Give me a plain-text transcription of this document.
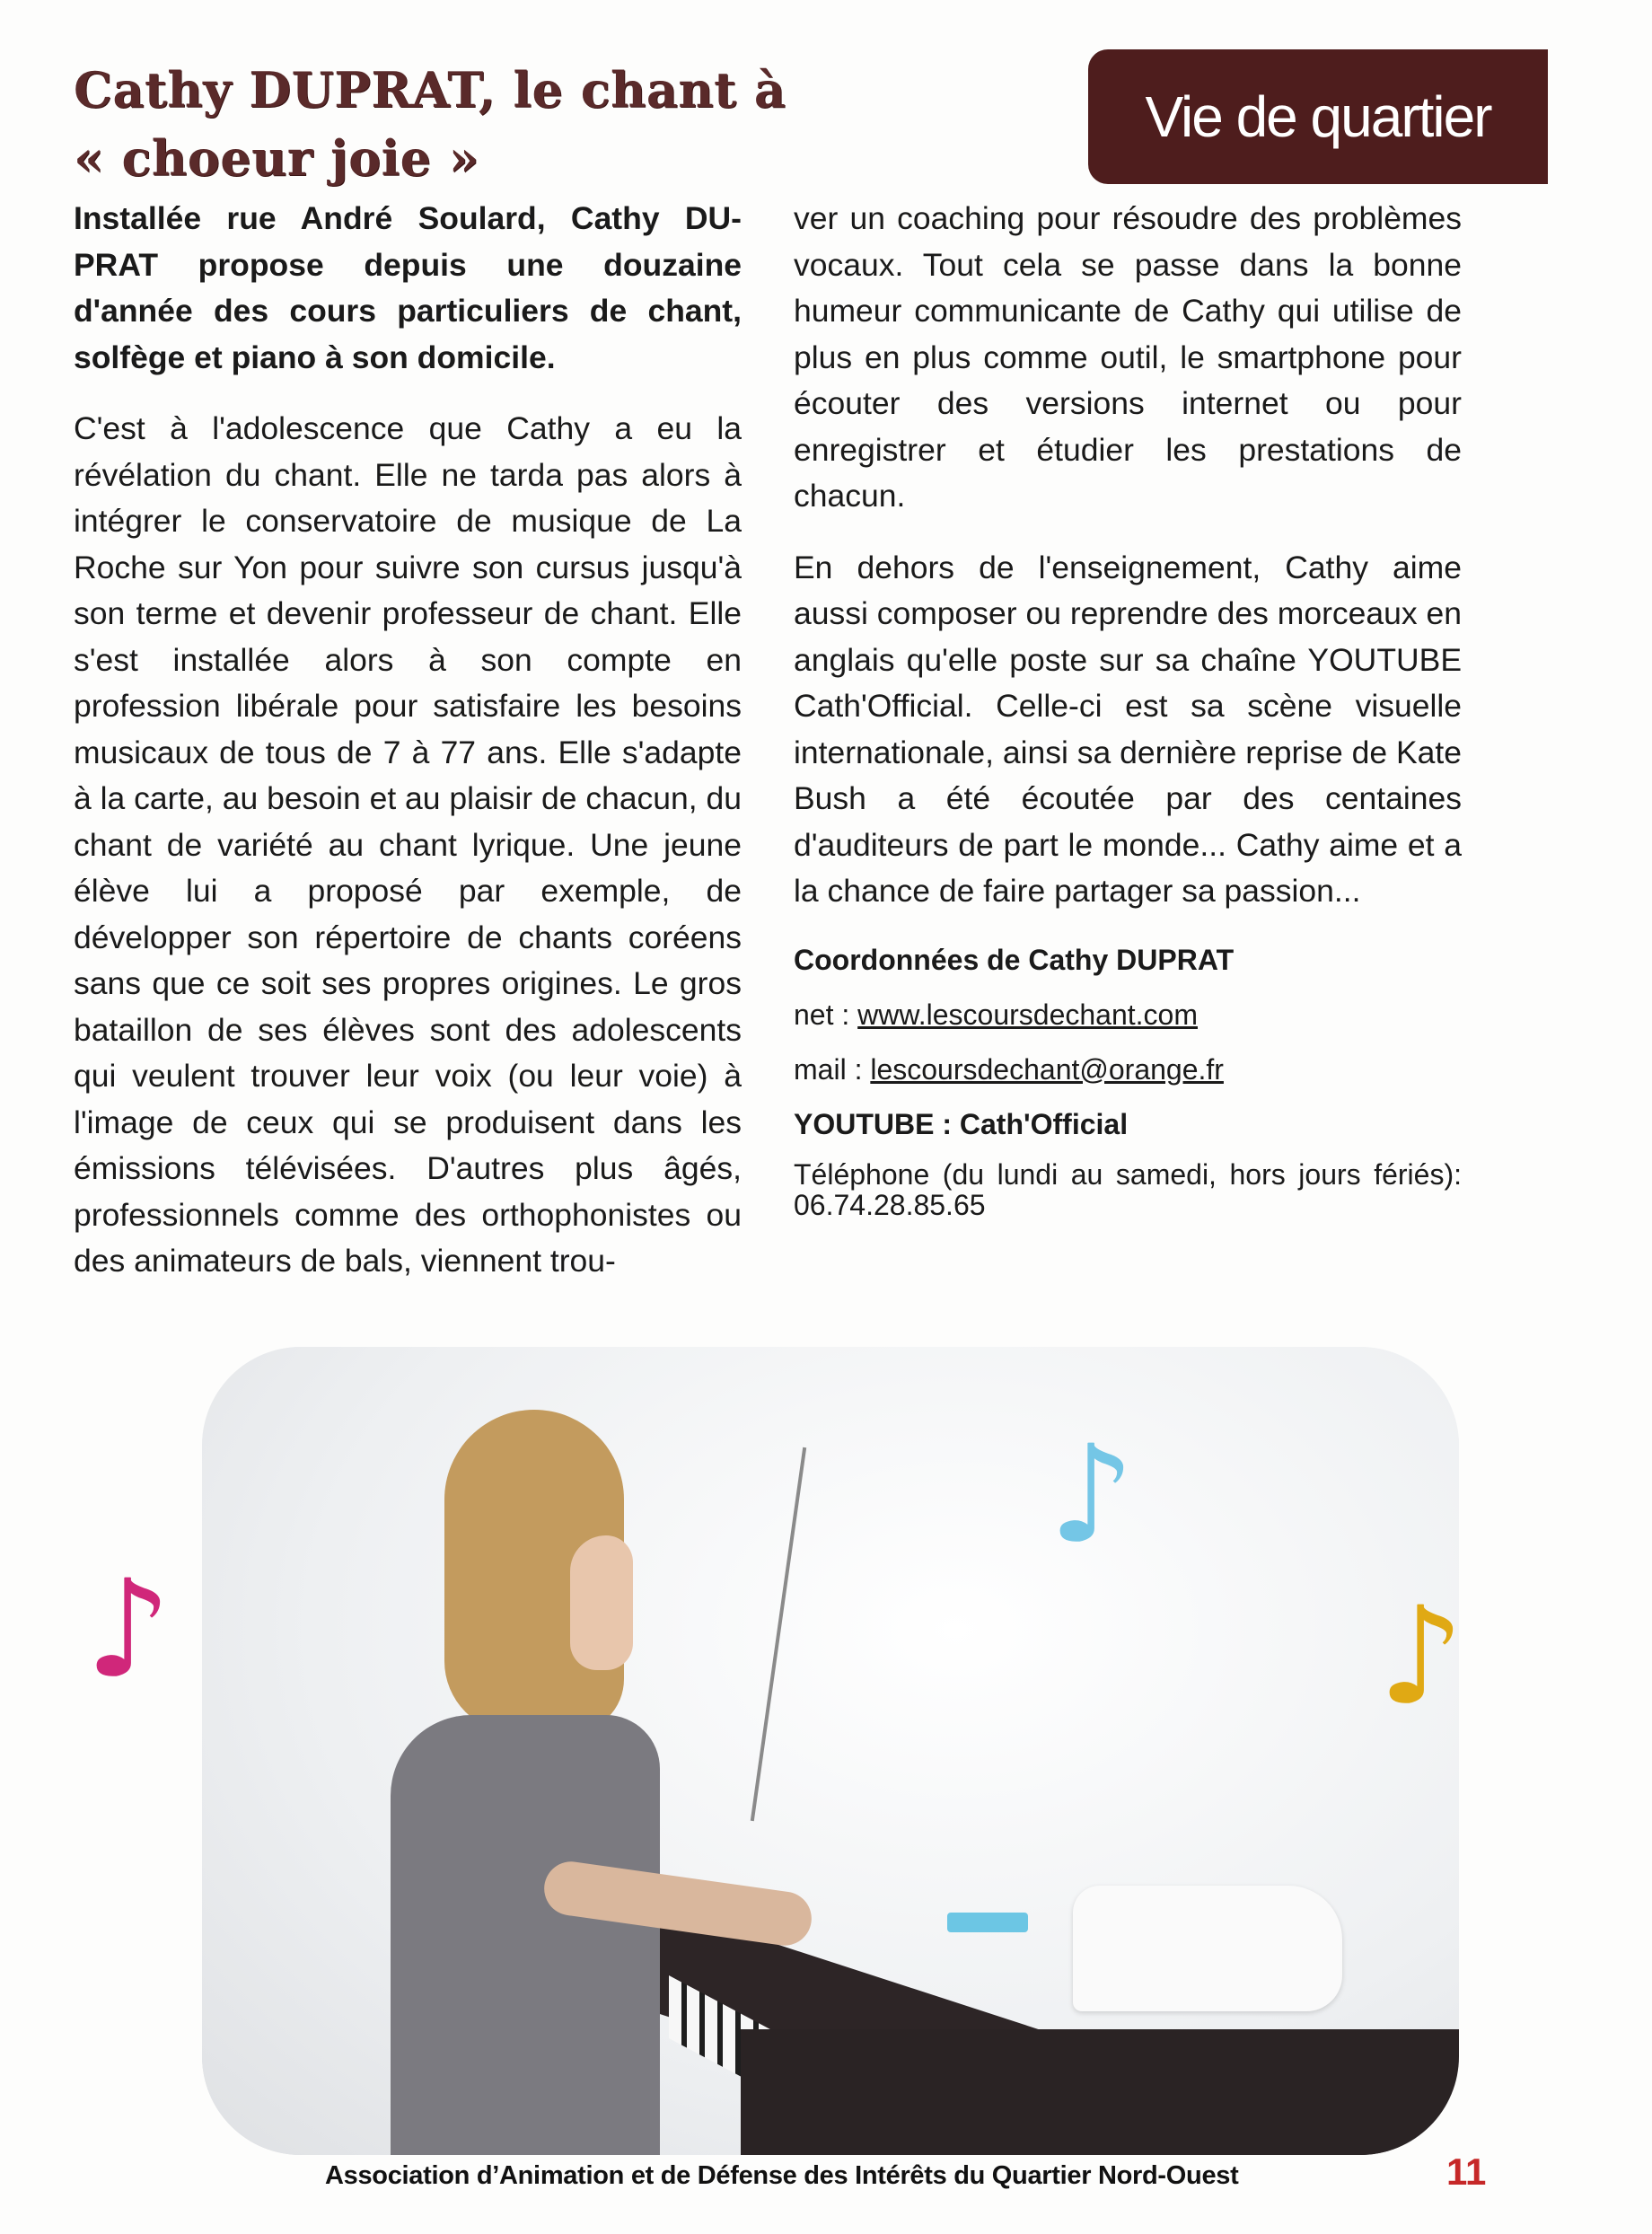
Cathy DUPRAT, le chant à
« choeur joie »
Vie de quartier

Installée rue André Soulard, Cathy DU-PRAT propose depuis une douzaine d'année des cours particuliers de chant, solfège et piano à son domicile.

C'est à l'adolescence que Cathy a eu la révélation du chant. Elle ne tarda pas alors à intégrer le conservatoire de musique de La Roche sur Yon pour suivre son cursus jusqu'à son terme et devenir professeur de chant. Elle s'est installée alors à son compte en profession libérale pour satisfaire les besoins musicaux de tous de 7 à 77 ans. Elle s'adapte à la carte, au besoin et au plaisir de chacun, du chant de variété au chant lyrique. Une jeune élève lui a proposé par exemple, de développer son répertoire de chants coréens sans que ce soit ses propres origines. Le gros bataillon de ses élèves sont des adolescents qui veulent trouver leur voix (ou leur voie) à l'image de ceux qui se produisent dans les émissions télévisées. D'autres plus âgés, professionnels comme des orthophonistes ou des animateurs de bals, viennent trou-

ver un coaching pour résoudre des problèmes vocaux. Tout cela se passe dans la bonne humeur communicante de Cathy qui utilise de plus en plus comme outil, le smartphone pour écouter des versions internet ou pour enregistrer et étudier les prestations de chacun.

En dehors de l'enseignement, Cathy aime aussi composer ou reprendre des morceaux en anglais qu'elle poste sur sa chaîne YOUTUBE Cath'Official. Celle-ci est sa scène visuelle internationale, ainsi sa dernière reprise de Kate Bush a été écoutée par des centaines d'auditeurs de part le monde... Cathy aime et a la chance de faire partager sa passion...

Coordonnées de Cathy DUPRAT

net : www.lescoursdechant.com

mail : lescoursdechant@orange.fr

YOUTUBE : Cath'Official

Téléphone (du lundi au samedi, hors jours fériés): 06.74.28.85.65

♪
♪
♪
Association d’Animation et de Défense des Intérêts du Quartier Nord-Ouest	11
